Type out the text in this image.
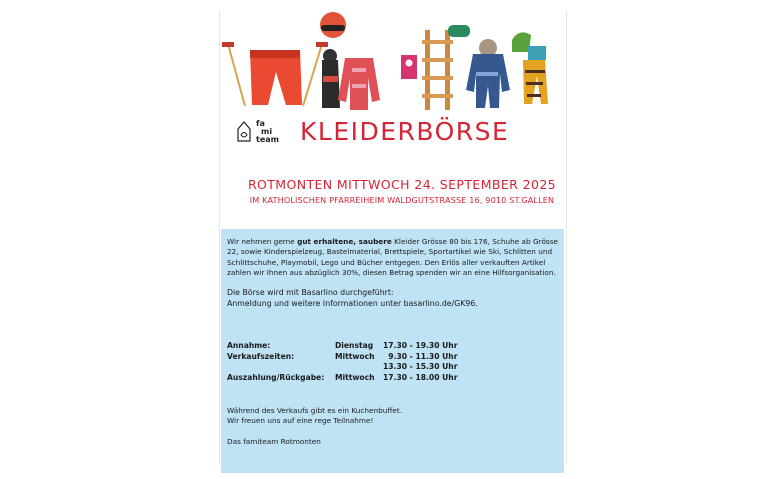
fa
mi
team KLEIDERBÖRSE
ROTMONTEN MITTWOCH 24. SEPTEMBER 2025
IM KATHOLISCHEN PFARREIHEIM WALDGUTSTRASSE 16, 9010 ST.GALLEN

Wir nehmen gerne gut erhaltene, saubere Kleider Grösse 80 bis 176, Schuhe ab Grösse 22, sowie Kinderspielzeug, Bastelmaterial, Brettspiele, Sportartikel wie Ski, Schlitten und Schlittschuhe, Playmobil, Lego und Bücher entgegen. Den Erlös aller verkauften Artikel zahlen wir Ihnen aus abzüglich 30%, diesen Betrag spenden wir an eine Hilfsorganisation.

Die Börse wird mit Basarlino durchgeführt:
Anmeldung und weitere Informationen unter basarlino.de/GK96.

Annahme:	Dienstag 17.30 - 19.30 Uhr
Verkaufszeiten:	Mittwoch 9.30 - 11.30 Uhr
13.30 - 15.30 Uhr
Auszahlung/Rückgabe: Mittwoch 17.30 - 18.00 Uhr
Während des Verkaufs gibt es ein Kuchenbuffet.
Wir freuen uns auf eine rege Teilnahme!
Das famiteam Rotmonten
